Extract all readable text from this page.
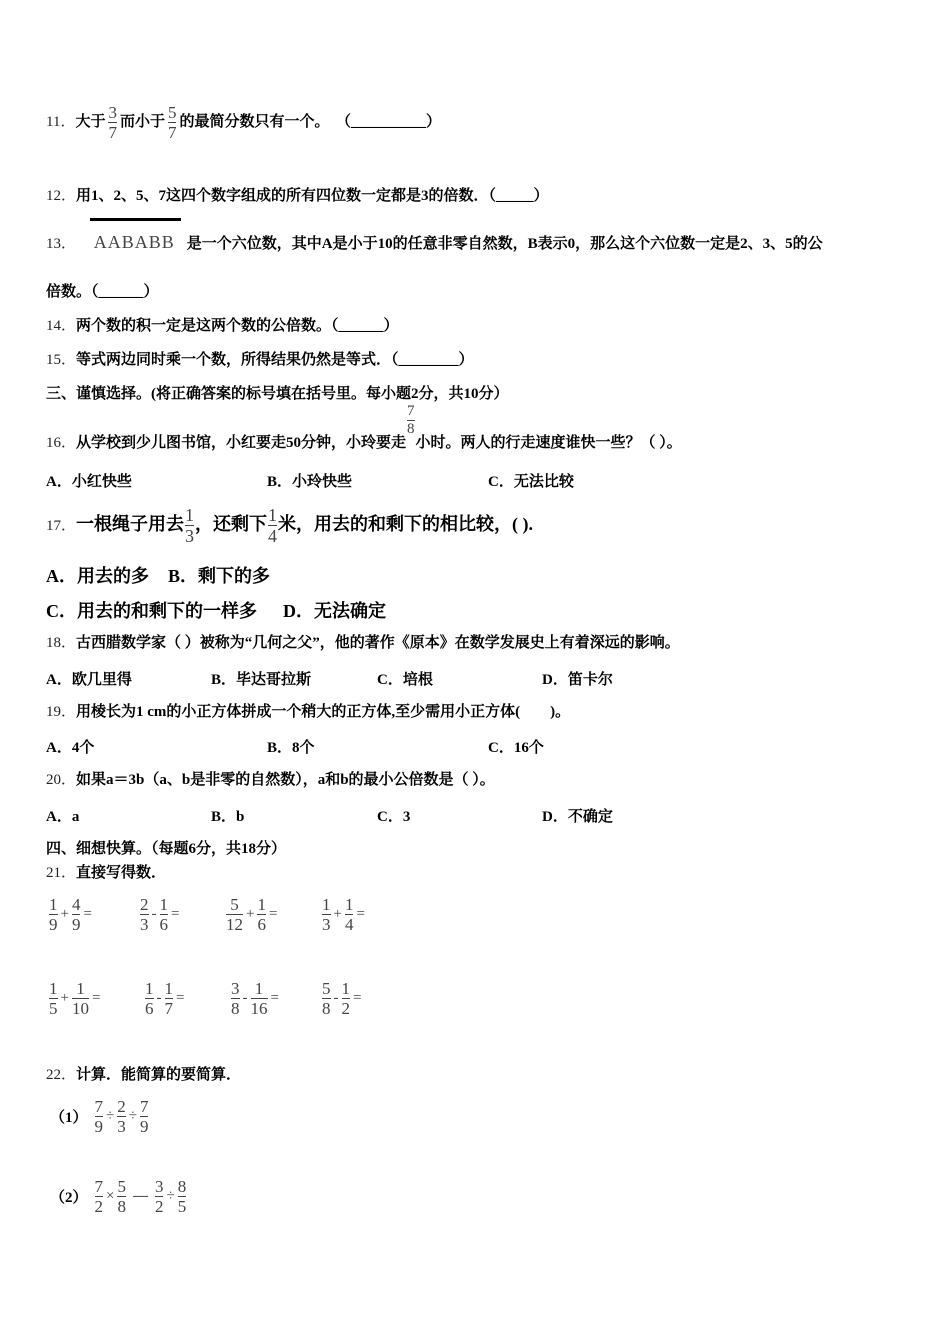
11．大于 $\frac{3}{7}$ 而小于 $\frac{5}{7}$ 的最简分数只有一个。 （__________）
12．用1、2、5、7这四个数字组成的所有四位数一定都是3的倍数．（_____）
13． AABABB 是一个六位数，其中A是小于10的任意非零自然数，B表示0，那么这个六位数一定是2、3、5的公
倍数。（______）
14．两个数的积一定是这两个数的公倍数。（______）
15．等式两边同时乘一个数，所得结果仍然是等式．（________）
三、谨慎选择。(将正确答案的标号填在括号里。每小题2分，共10分）
16．从学校到少儿图书馆，小红要走50分钟，小玲要走
$\frac{7}{8}$
小时。两人的行走速度谁快一些？（ ）。
A．小红快些	B．小玲快些	C．无法比较
17．一根绳子用去 $\frac{1}{3}$ ，还剩下 $\frac{1}{4}$ 米，用去的和剩下的相比较，( ).
A．用去的多 B．剩下的多
C．用去的和剩下的一样多 D．无法确定
18．古西腊数学家（ ）被称为“几何之父”，他的著作《原本》在数学发展史上有着深远的影响。
A．欧几里得	B．毕达哥拉斯	C．培根	D．笛卡尔
19．用棱长为1 cm的小正方体拼成一个稍大的正方体,至少需用小正方体(　　)。
A．4个	B．8个	C．16个
20．如果a＝3b（a、b是非零的自然数），a和b的最小公倍数是（ ）。
A．a	B．b	C．3	D．不确定
四、细想快算。（每题6分，共18分）
21．直接写得数．
$\frac{1}{9} + \frac{4}{9}$ =	$\frac{2}{3} - \frac{1}{6}$ =	$\frac{5}{12} + \frac{1}{6}$ =	$\frac{1}{3} + \frac{1}{4}$ =
$\frac{1}{5} + \frac{1}{10}$ =	$\frac{1}{6} - \frac{1}{7}$ =	$\frac{3}{8} - \frac{1}{16}$ =	$\frac{5}{8} - \frac{1}{2}$ =
22．计算．能简算的要简算．
$(1) \frac{7}{9} \div \frac{2}{3} \div \frac{7}{9}$
$(2) \frac{7}{2} \times \frac{5}{8}$ — $\frac{3}{2} \div \frac{8}{5}$
